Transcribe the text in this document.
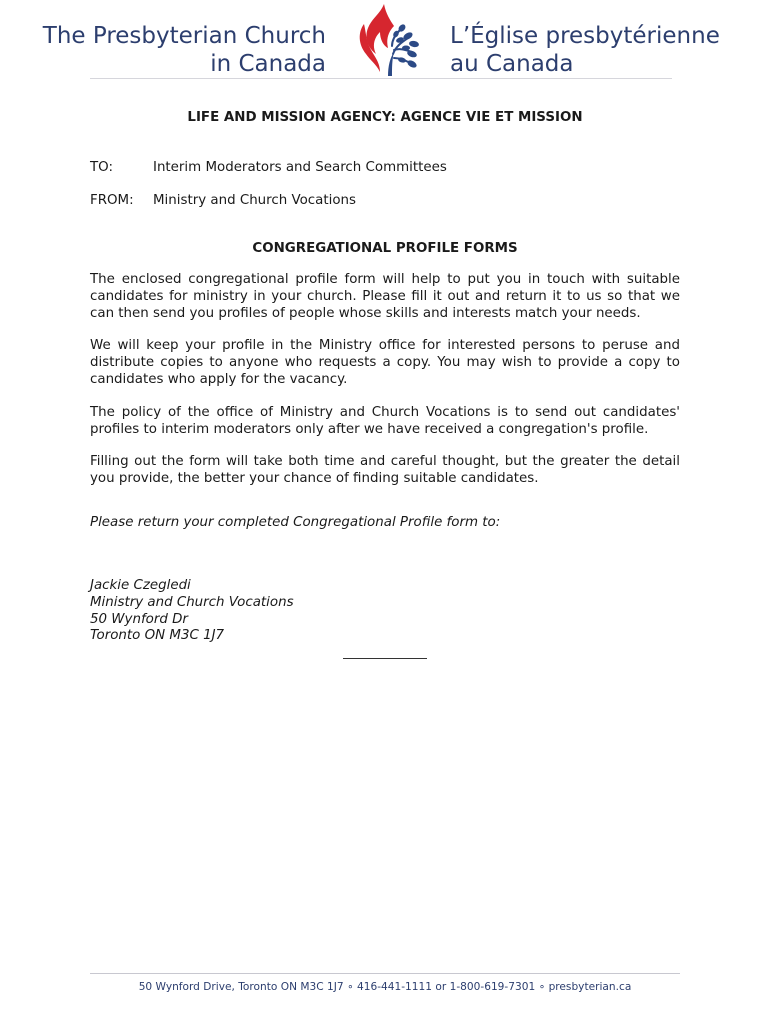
The Presbyterian Church
in Canada
L’Église presbytérienne
au Canada
LIFE AND MISSION AGENCY: AGENCE VIE ET MISSION
TO:	Interim Moderators and Search Committees
FROM:	Ministry and Church Vocations
CONGREGATIONAL PROFILE FORMS

The enclosed congregational profile form will help to put you in touch with suitable candidates for ministry in your church. Please fill it out and return it to us so that we can then send you profiles of people whose skills and interests match your needs.

We will keep your profile in the Ministry office for interested persons to peruse and distribute copies to anyone who requests a copy. You may wish to provide a copy to candidates who apply for the vacancy.

The policy of the office of Ministry and Church Vocations is to send out candidates' profiles to interim moderators only after we have received a congregation's profile.

Filling out the form will take both time and careful thought, but the greater the detail you provide, the better your chance of finding suitable candidates.

Please return your completed Congregational Profile form to:
Jackie Czegledi
Ministry and Church Vocations
50 Wynford Dr
Toronto ON M3C 1J7
50 Wynford Drive, Toronto ON M3C 1J7 ∘ 416-441-1111 or 1-800-619-7301 ∘ presbyterian.ca
